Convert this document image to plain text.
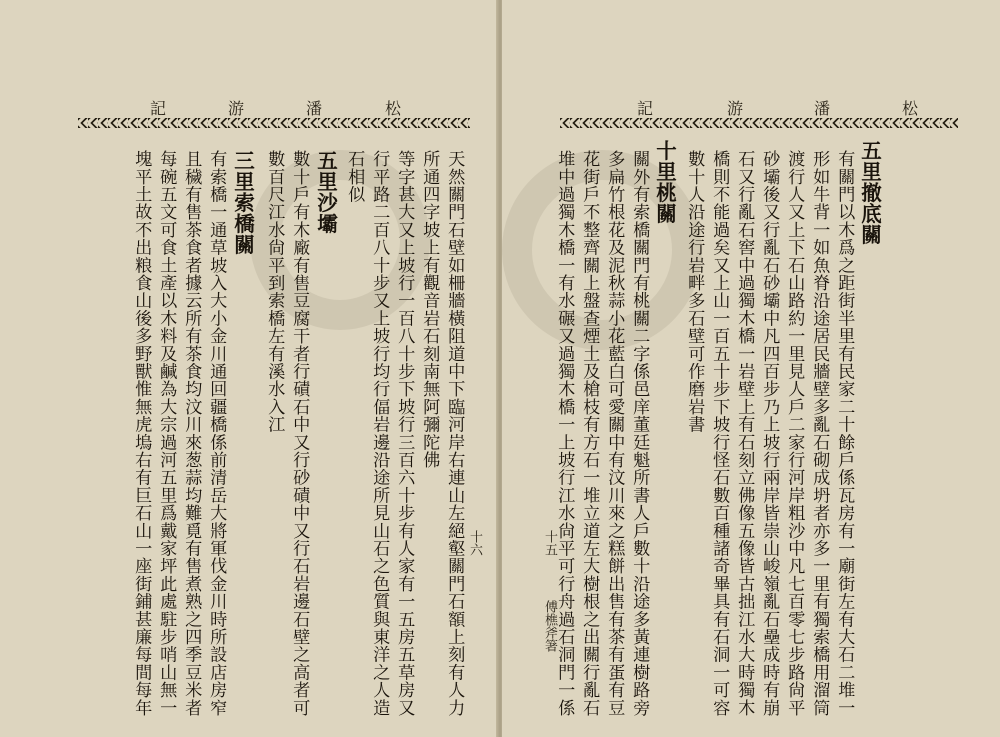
記	游	潘	松
天然關門石壁如柵牆橫阻道中下臨河岸右連山左絕壑關門石額上刻有人力
所通四字坡上有觀音岩石刻南無阿彌陀佛
等字甚大又上坡行一百八十步下坡行三百六十步有人家有一五房五草房又
行平路二百八十步又上坡行均行偪岩邊沿途所見山石之色質與東洋之人造
石相似
五里沙壩
數十戶有木廠有售豆腐干者行磧石中又行砂磧中又行石岩邊石壁之高者可
數百尺江水尙平到索橋左有溪水入江
三里索橋關
有索橋一通草坡入大小金川通回疆橋係前清岳大將軍伐金川時所設店房窄
且穢有售茶食者據云所有茶食均汶川來葱蒜均難覓有售煮熟之四季豆米者
每碗五文可食土產以木料及鹹為大宗過河五里爲戴家坪此處駐步哨山無一
塊平土故不出粮食山後多野獸惟無虎塢右有巨石山一座街鋪甚廉每間每年	十六
記	游	潘	松
五里撤底關
有關門以木爲之距街半里有民家二十餘戶係瓦房有一廟街左有大石二堆一
形如牛背一如魚脊沿途居民牆壁多亂石砌成坍者亦多一里有獨索橋用溜筒
渡行人又上下石山路約一里見人戶二家行河岸粗沙中凡七百零七步路尙平
砂壩後又行亂石砂壩中凡四百步乃上坡行兩岸皆崇山峻嶺亂石壘成時有崩
石又行亂石窖中過獨木橋一岩壁上有石刻立佛像五像皆古拙江水大時獨木
橋則不能過矣又上山一百五十步下坡行怪石數百種諸奇畢具有石洞一可容
數十人沿途行岩畔多石壁可作磨岩書
十里桃關
關外有索橋關門有桃關二字係邑庠董廷魁所書人戶數十沿途多黃連樹路旁
多扁竹根花及泥秋蒜小花藍白可愛關中有汶川來之糕餅出售有茶有蛋有豆
花街戶不整齊關上盤查煙土及槍枝有方石一堆立道左大樹根之出關行亂石
堆中過獨木橋一有水碾又過獨木橋一上坡行江水尙平可行舟過石洞門一係
十五
傅樵斧箸
